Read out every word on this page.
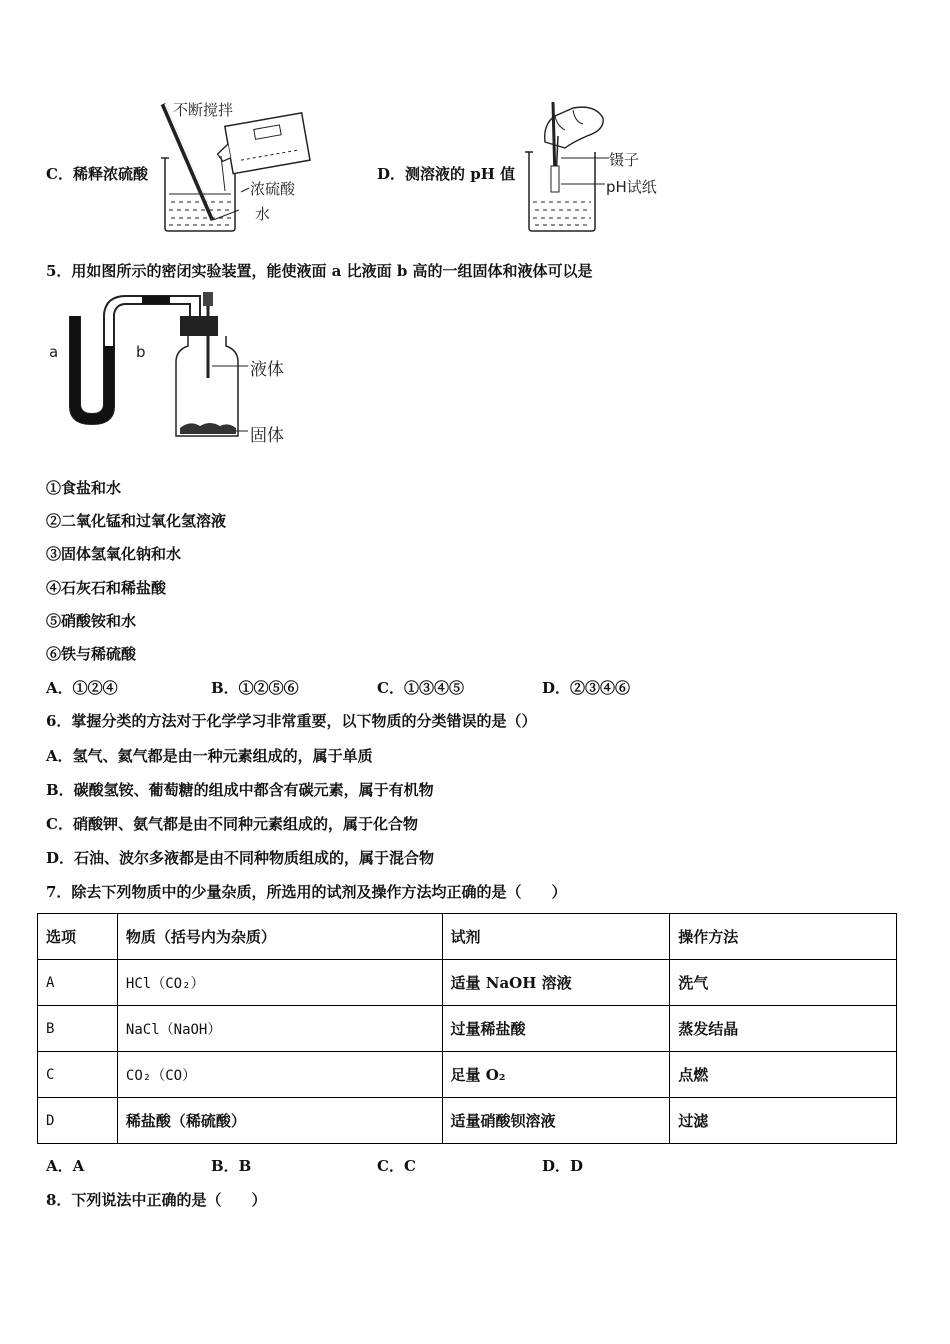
C．稀释浓硫酸
不断搅拌
浓硫酸
水
D．测溶液的 pH 值
镊子
pH试纸
5．用如图所示的密闭实验装置，能使液面 a 比液面 b 高的一组固体和液体可以是
a	b
液体
固体
①食盐和水
②二氧化锰和过氧化氢溶液
③固体氢氧化钠和水
④石灰石和稀盐酸
⑤硝酸铵和水
⑥铁与稀硫酸
A．①②④	B．①②⑤⑥	C．①③④⑤	D．②③④⑥
6．掌握分类的方法对于化学学习非常重要，以下物质的分类错误的是（）
A．氢气、氦气都是由一种元素组成的，属于单质
B．碳酸氢铵、葡萄糖的组成中都含有碳元素，属于有机物
C．硝酸钾、氨气都是由不同种元素组成的，属于化合物
D．石油、波尔多液都是由不同种物质组成的，属于混合物
7．除去下列物质中的少量杂质，所选用的试剂及操作方法均正确的是（　　）
选项	物质（括号内为杂质）	试剂	操作方法
A	HCl（CO₂）	适量 NaOH 溶液	洗气
B	NaCl（NaOH）	过量稀盐酸	蒸发结晶
C	CO₂（CO）	足量 O₂	点燃
D	稀盐酸（稀硫酸）	适量硝酸钡溶液	过滤
A．A	B．B	C．C	D．D
8．下列说法中正确的是（　　）
